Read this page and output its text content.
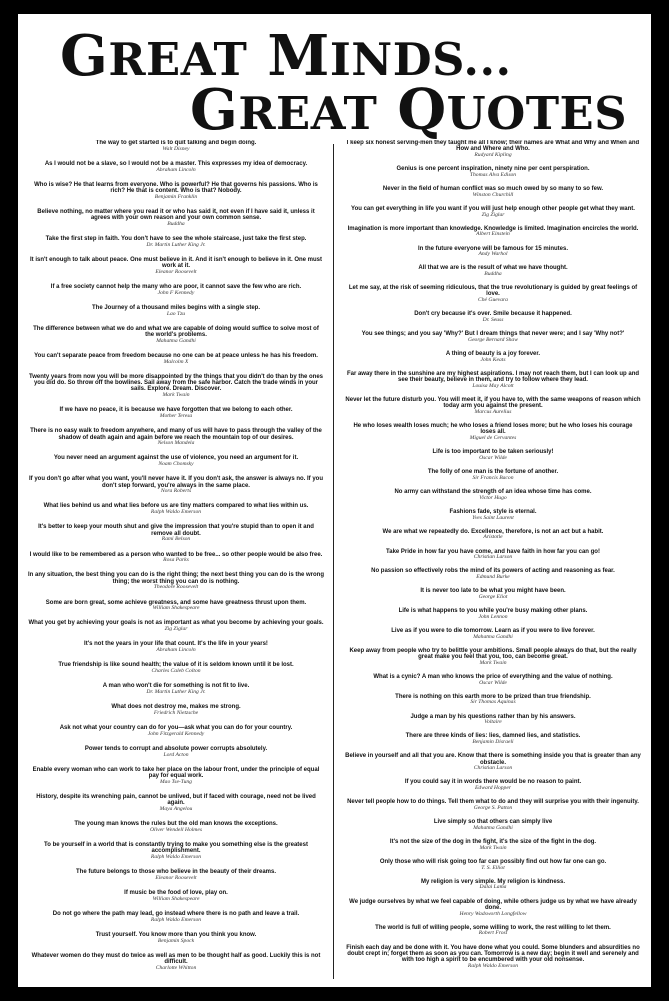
GREAT MINDS...
GREAT QUOTES

The way to get started is to quit talking and begin doing.
Walt Disney

As I would not be a slave, so I would not be a master. This expresses my idea of democracy.
Abraham Lincoln

Who is wise? He that learns from everyone. Who is powerful? He that governs his passions. Who is rich? He that is content. Who is that? Nobody.
Benjamin Franklin

Believe nothing, no matter where you read it or who has said it, not even if I have said it, unless it agrees with your own reason and your own common sense.
Buddha

Take the first step in faith. You don't have to see the whole staircase, just take the first step.
Dr. Martin Luther King Jr.

It isn't enough to talk about peace. One must believe in it. And it isn't enough to believe in it. One must work at it.
Eleanor Roosevelt

If a free society cannot help the many who are poor, it cannot save the few who are rich.
John F Kennedy

The Journey of a thousand miles begins with a single step.
Lao Tzu

The difference between what we do and what we are capable of doing would suffice to solve most of the world's problems.
Mahatma Gandhi

You can't separate peace from freedom because no one can be at peace unless he has his freedom.
Malcolm X

Twenty years from now you will be more disappointed by the things that you didn't do than by the ones you did do. So throw off the bowlines. Sail away from the safe harbor. Catch the trade winds in your sails. Explore. Dream. Discover.
Mark Twain

If we have no peace, it is because we have forgotten that we belong to each other.
Mother Teresa

There is no easy walk to freedom anywhere, and many of us will have to pass through the valley of the shadow of death again and again before we reach the mountain top of our desires.
Nelson Mandela

You never need an argument against the use of violence, you need an argument for it.
Noam Chomsky

If you don't go after what you want, you'll never have it. If you don't ask, the answer is always no. If you don't step forward, you're always in the same place.
Nora Roberts

What lies behind us and what lies before us are tiny matters compared to what lies within us.
Ralph Waldo Emerson

It's better to keep your mouth shut and give the impression that you're stupid than to open it and remove all doubt.
Rami Belson

I would like to be remembered as a person who wanted to be free... so other people would be also free.
Rosa Parks

In any situation, the best thing you can do is the right thing; the next best thing you can do is the wrong thing; the worst thing you can do is nothing.
Theodore Roosevelt

Some are born great, some achieve greatness, and some have greatness thrust upon them.
William Shakespeare

What you get by achieving your goals is not as important as what you become by achieving your goals.
Zig Ziglar

It's not the years in your life that count. It's the life in your years!
Abraham Lincoln

True friendship is like sound health; the value of it is seldom known until it be lost.
Charles Caleb Colton

A man who won't die for something is not fit to live.
Dr. Martin Luther King Jr.

What does not destroy me, makes me strong.
Friedrich Nietzsche

Ask not what your country can do for you—ask what you can do for your country.
John Fitzgerald Kennedy

Power tends to corrupt and absolute power corrupts absolutely.
Lord Acton

Enable every woman who can work to take her place on the labour front, under the principle of equal pay for equal work.
Mao Tse-Tung

History, despite its wrenching pain, cannot be unlived, but if faced with courage, need not be lived again.
Maya Angelou

The young man knows the rules but the old man knows the exceptions.
Oliver Wendell Holmes

To be yourself in a world that is constantly trying to make you something else is the greatest accomplishment.
Ralph Waldo Emerson

The future belongs to those who believe in the beauty of their dreams.
Eleanor Roosevelt

If music be the food of love, play on.
William Shakespeare

Do not go where the path may lead, go instead where there is no path and leave a trail.
Ralph Waldo Emerson

Trust yourself. You know more than you think you know.
Benjamin Spock

Whatever women do they must do twice as well as men to be thought half as good. Luckily this is not difficult.
Charlotte Whitton

I keep six honest serving-men they taught me all I know; their names are What and Why and When and How and Where and Who.
Rudyard Kipling

Genius is one percent inspiration, ninety nine per cent perspiration.
Thomas Alva Edison

Never in the field of human conflict was so much owed by so many to so few.
Winston Churchill

You can get everything in life you want if you will just help enough other people get what they want.
Zig Ziglar

Imagination is more important than knowledge. Knowledge is limited. Imagination encircles the world.
Albert Einstein

In the future everyone will be famous for 15 minutes.
Andy Warhol

All that we are is the result of what we have thought.
Buddha

Let me say, at the risk of seeming ridiculous, that the true revolutionary is guided by great feelings of love.
Ché Guevara

Don't cry because it's over. Smile because it happened.
Dr. Seuss

You see things; and you say 'Why?' But I dream things that never were; and I say 'Why not?'
George Bernard Shaw

A thing of beauty is a joy forever.
John Keats

Far away there in the sunshine are my highest aspirations. I may not reach them, but I can look up and see their beauty, believe in them, and try to follow where they lead.
Louisa May Alcott

Never let the future disturb you. You will meet it, if you have to, with the same weapons of reason which today arm you against the present.
Marcus Aurelius

He who loses wealth loses much; he who loses a friend loses more; but he who loses his courage loses all.
Miguel de Cervantes

Life is too important to be taken seriously!
Oscar Wilde

The folly of one man is the fortune of another.
Sir Francis Bacon

No army can withstand the strength of an idea whose time has come.
Victor Hugo

Fashions fade, style is eternal.
Yves Saint Laurent

We are what we repeatedly do. Excellence, therefore, is not an act but a habit.
Aristotle

Take Pride in how far you have come, and have faith in how far you can go!
Christian Larson

No passion so effectively robs the mind of its powers of acting and reasoning as fear.
Edmund Burke

It is never too late to be what you might have been.
George Eliot

Life is what happens to you while you're busy making other plans.
John Lennon

Live as if you were to die tomorrow. Learn as if you were to live forever.
Mahatma Gandhi

Keep away from people who try to belittle your ambitions. Small people always do that, but the really great make you feel that you, too, can become great.
Mark Twain

What is a cynic? A man who knows the price of everything and the value of nothing.
Oscar Wilde

There is nothing on this earth more to be prized than true friendship.
Sir Thomas Aquinas

Judge a man by his questions rather than by his answers.
Voltaire

There are three kinds of lies: lies, damned lies, and statistics.
Benjamin Disraeli

Believe in yourself and all that you are. Know that there is something inside you that is greater than any obstacle.
Christian Larson

If you could say it in words there would be no reason to paint.
Edward Hopper

Never tell people how to do things. Tell them what to do and they will surprise you with their ingenuity.
George S. Patton

Live simply so that others can simply live
Mahatma Gandhi

It's not the size of the dog in the fight, it's the size of the fight in the dog.
Mark Twain

Only those who will risk going too far can possibly find out how far one can go.
T. S. Elliot

My religion is very simple. My religion is kindness.
Dalai Lama

We judge ourselves by what we feel capable of doing, while others judge us by what we have already done.
Henry Wadsworth Longfellow

The world is full of willing people, some willing to work, the rest willing to let them.
Robert Frost

Finish each day and be done with it. You have done what you could. Some blunders and absurdities no doubt crept in; forget them as soon as you can. Tomorrow is a new day; begin it well and serenely and with too high a spirit to be encumbered with your old nonsense.
Ralph Waldo Emerson
